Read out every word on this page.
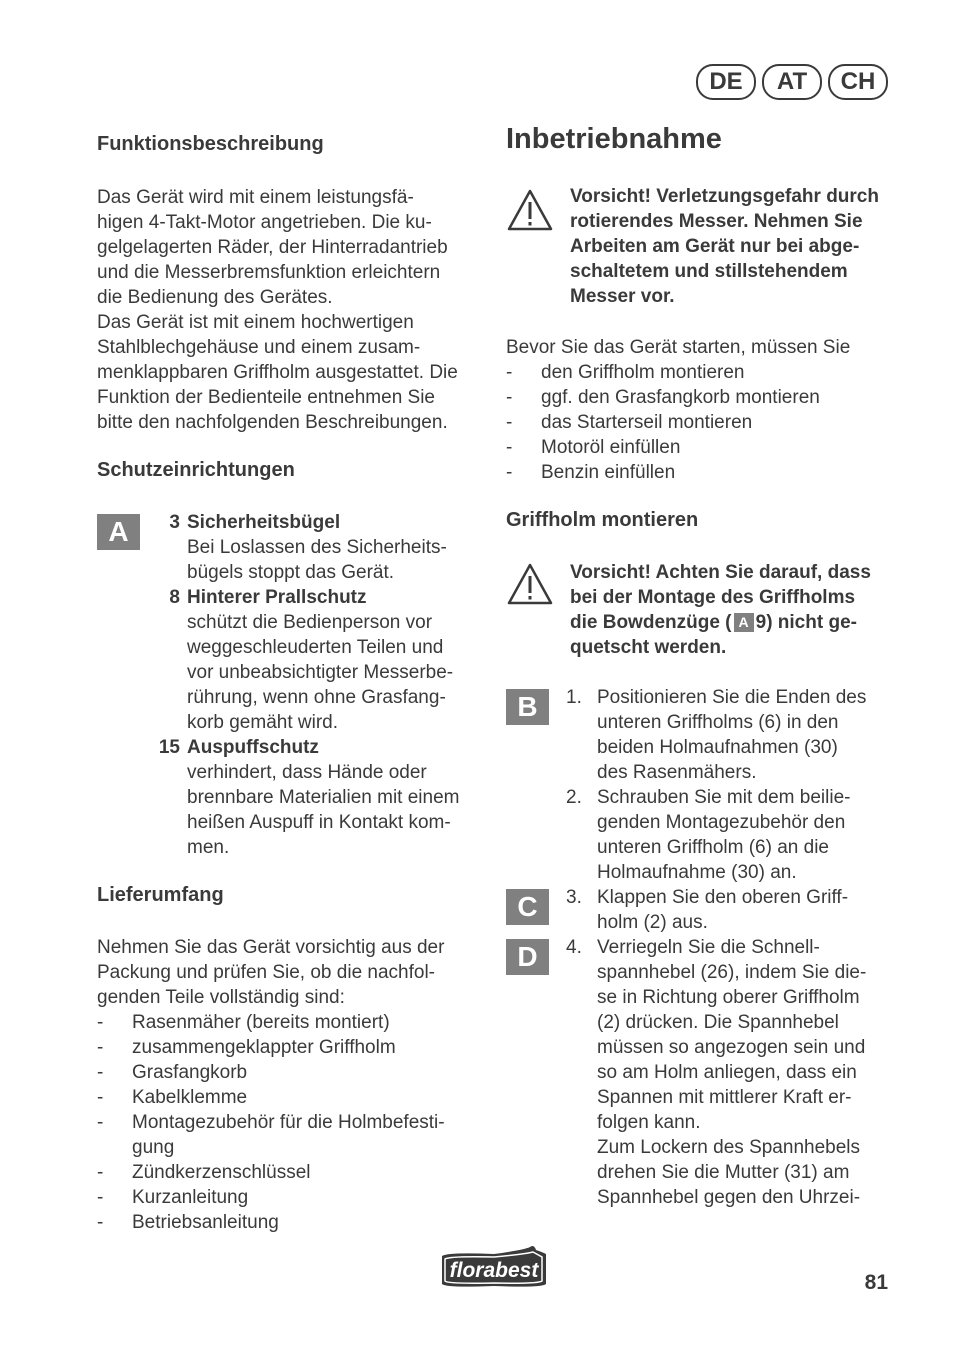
DE	AT	CH
Funktionsbeschreibung

Das Gerät wird mit einem leistungsfä-

higen 4-Takt-Motor angetrieben. Die ku-

gelgelagerten Räder, der Hinterradantrieb

und die Messerbremsfunktion erleichtern

die Bedienung des Gerätes.

Das Gerät ist mit einem hochwertigen

Stahlblechgehäuse und einem zusam-

menklappbaren Griffholm ausgestattet. Die

Funktion der Bedienteile entnehmen Sie

bitte den nachfolgenden Beschreibungen.

Schutzeinrichtungen
A	3 Sicherheitsbügel

Bei Loslassen des Sicherheits-

bügels stoppt das Gerät.

8 Hinterer Prallschutz

schützt die Bedienperson vor

weggeschleuderten Teilen und

vor unbeabsichtigter Messerbe-

rührung, wenn ohne Grasfang-

korb gemäht wird.

15 Auspuffschutz

verhindert, dass Hände oder

brennbare Materialien mit einem

heißen Auspuff in Kontakt kom-

men.

Lieferumfang

Nehmen Sie das Gerät vorsichtig aus der

Packung und prüfen Sie, ob die nachfol-

genden Teile vollständig sind:

- Rasenmäher (bereits montiert)
- zusammengeklappter Griffholm
- Grasfangkorb
- Kabelklemme
- Montagezubehör für die Holmbefesti-
gung
- Zündkerzenschlüssel
- Kurzanleitung
- Betriebsanleitung
Inbetriebnahme

Vorsicht! Verletzungsgefahr durch

rotierendes Messer. Nehmen Sie

Arbeiten am Gerät nur bei abge-

schaltetem und stillstehendem

Messer vor.

Bevor Sie das Gerät starten, müssen Sie

- den Griffholm montieren
- ggf. den Grasfangkorb montieren
- das Starterseil montieren
- Motoröl einfüllen
- Benzin einfüllen
Griffholm montieren

Vorsicht! Achten Sie darauf, dass

bei der Montage des Griffholms

die Bowdenzüge ( A 9) nicht ge-

quetscht werden.

B
C
D
1. Positionieren Sie die Enden des

unteren Griffholms (6) in den

beiden Holmaufnahmen (30)

des Rasenmähers.

2. Schrauben Sie mit dem beilie-

genden Montagezubehör den

unteren Griffholm (6) an die

Holmaufnahme (30) an.

3. Klappen Sie den oberen Griff-

holm (2) aus.

4. Verriegeln Sie die Schnell-

spannhebel (26), indem Sie die-

se in Richtung oberer Griffholm

(2) drücken. Die Spannhebel

müssen so angezogen sein und

so am Holm anliegen, dass ein

Spannen mit mittlerer Kraft er-

folgen kann.

Zum Lockern des Spannhebels

drehen Sie die Mutter (31) am

Spannhebel gegen den Uhrzei-

florabest
81
